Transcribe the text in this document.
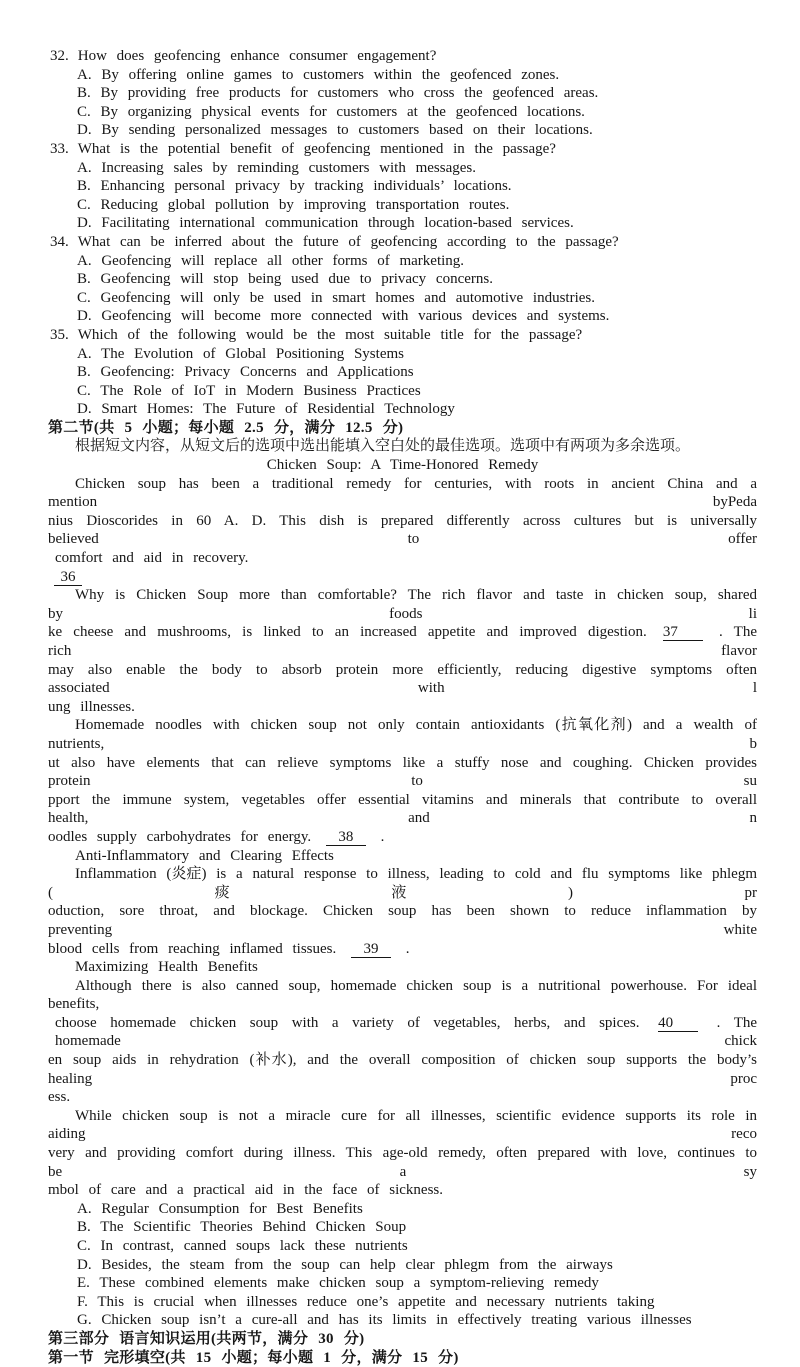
32. How does geofencing enhance consumer engagement?
A. By offering online games to customers within the geofenced zones.
B. By providing free products for customers who cross the geofenced areas.
C. By organizing physical events for customers at the geofenced locations.
D. By sending personalized messages to customers based on their locations.
33. What is the potential benefit of geofencing mentioned in the passage?
A. Increasing sales by reminding customers with messages.
B. Enhancing personal privacy by tracking individuals’ locations.
C. Reducing global pollution by improving transportation routes.
D. Facilitating international communication through location-based services.
34. What can be inferred about the future of geofencing according to the passage?
A. Geofencing will replace all other forms of marketing.
B. Geofencing will stop being used due to privacy concerns.
C. Geofencing will only be used in smart homes and automotive industries.
D. Geofencing will become more connected with various devices and systems.
35. Which of the following would be the most suitable title for the passage?
A. The Evolution of Global Positioning Systems
B. Geofencing: Privacy Concerns and Applications
C. The Role of IoT in Modern Business Practices
D. Smart Homes: The Future of Residential Technology
第二节(共 5 小题；每小题 2.5 分，满分 12.5 分)
根据短文内容，从短文后的选项中选出能填入空白处的最佳选项。选项中有两项为多余选项。
Chicken Soup: A Time-Honored Remedy
Chicken soup has been a traditional remedy for centuries, with roots in ancient China and a mention byPeda
nius Dioscorides in 60 A. D. This dish is prepared differently across cultures but is universally believed to offer
comfort and aid in recovery.
36
Why is Chicken Soup more than comfortable? The rich flavor and taste in chicken soup, shared by foods li
ke cheese and mushrooms, is linked to an increased appetite and improved digestion. 37	. The rich flavor
may also enable the body to absorb protein more efficiently, reducing digestive symptoms often associated with l
ung illnesses.
Homemade noodles with chicken soup not only contain antioxidants (抗氧化剂) and a wealth of nutrients, b
ut also have elements that can relieve symptoms like a stuffy nose and coughing. Chicken provides protein to su
pport the immune system, vegetables offer essential vitamins and minerals that contribute to overall health, and n
oodles supply carbohydrates for energy. 38 .
Anti-Inflammatory and Clearing Effects
Inflammation (炎症) is a natural response to illness, leading to cold and flu symptoms like phlegm (痰液) pr
oduction, sore throat, and blockage. Chicken soup has been shown to reduce inflammation by preventing white
blood cells from reaching inflamed tissues. 39 .
Maximizing Health Benefits
Although there is also canned soup, homemade chicken soup is a nutritional powerhouse. For ideal benefits,
choose homemade chicken soup with a variety of vegetables, herbs, and spices. 40	. The homemade chick
en soup aids in rehydration (补水), and the overall composition of chicken soup supports the body’s healing proc
ess.
While chicken soup is not a miracle cure for all illnesses, scientific evidence supports its role in aiding reco
very and providing comfort during illness. This age-old remedy, often prepared with love, continues to be a sy
mbol of care and a practical aid in the face of sickness.
A. Regular Consumption for Best Benefits
B. The Scientific Theories Behind Chicken Soup
C. In contrast, canned soups lack these nutrients
D. Besides, the steam from the soup can help clear phlegm from the airways
E. These combined elements make chicken soup a symptom-relieving remedy
F. This is crucial when illnesses reduce one’s appetite and necessary nutrients taking
G. Chicken soup isn’t a cure-all and has its limits in effectively treating various illnesses
第三部分 语言知识运用(共两节，满分 30 分)
第一节 完形填空(共 15 小题；每小题 1 分，满分 15 分)
